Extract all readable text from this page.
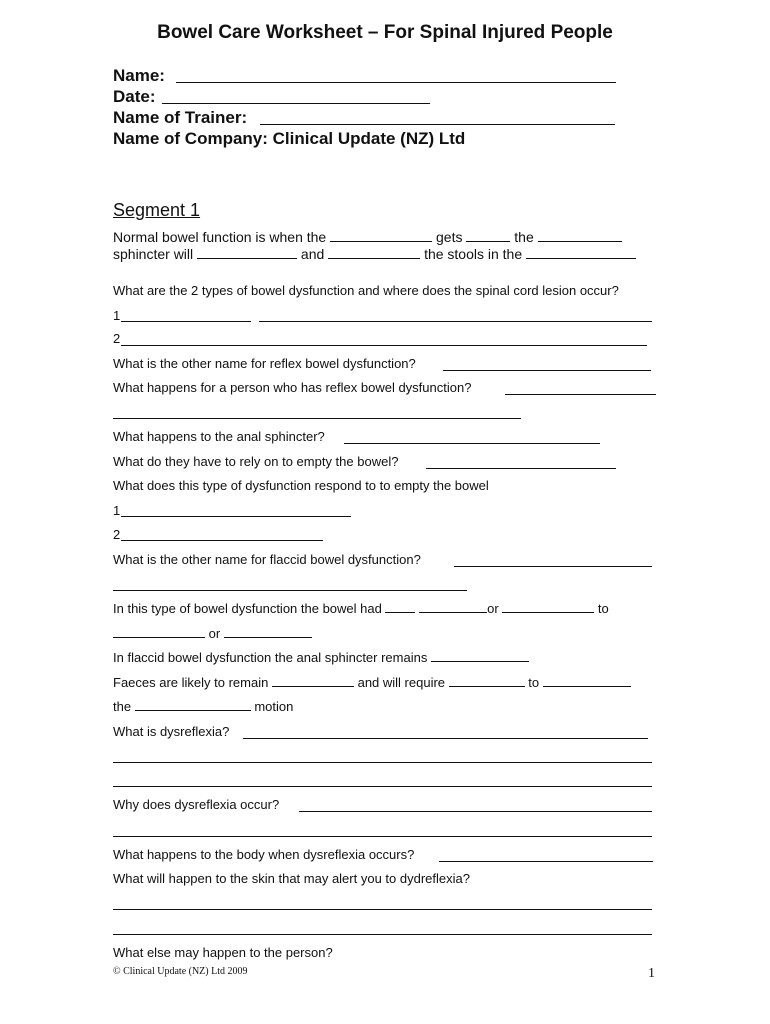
Bowel Care Worksheet – For Spinal Injured People
Name:
Date:
Name of Trainer:
Name of Company: Clinical Update (NZ) Ltd
Segment 1
Normal bowel function is when the	gets	the
sphincter will	and	the stools in the
What are the 2 types of bowel dysfunction and where does the spinal cord lesion occur?
1
2
What is the other name for reflex bowel dysfunction?
What happens for a person who has reflex bowel dysfunction?
What happens to the anal sphincter?
What do they have to rely on to empty the bowel?
What does this type of dysfunction respond to to empty the bowel
1
2
What is the other name for flaccid bowel dysfunction?
In this type of bowel dysfunction the bowel had	or	to
or
In flaccid bowel dysfunction the anal sphincter remains
Faeces are likely to remain	and will require	to
the	motion
What is dysreflexia?
Why does dysreflexia occur?
What happens to the body when dysreflexia occurs?
What will happen to the skin that may alert you to dydreflexia?
What else may happen to the person?
© Clinical Update (NZ) Ltd 2009	1
